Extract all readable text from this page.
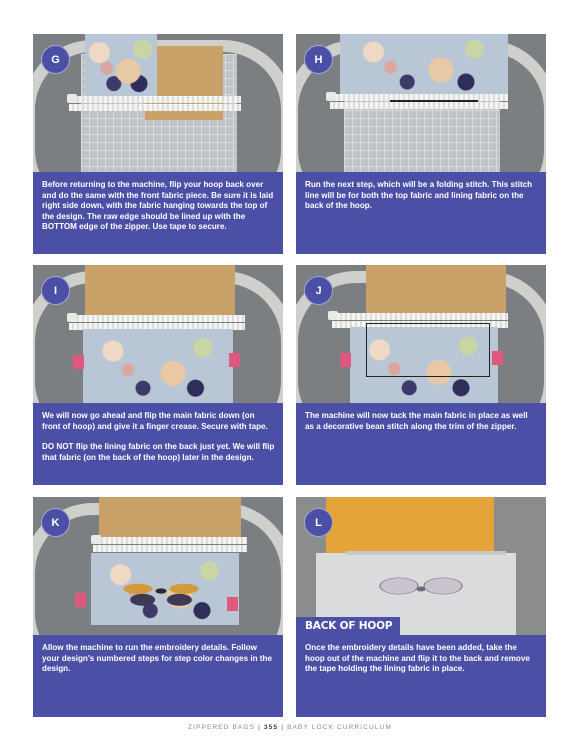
G

Before returning to the machine, flip your hoop back over and do the same with the front fabric piece. Be sure it is laid right side down, with the fabric hanging towards the top of the design. The raw edge should be lined up with the BOTTOM edge of the zipper. Use tape to secure.

H

Run the next step, which will be a folding stitch. This stitch line will be for both the top fabric and lining fabric on the back of the hoop.

I

We will now go ahead and flip the main fabric down (on front of hoop) and give it a finger crease. Secure with tape.

DO NOT flip the lining fabric on the back just yet. We will flip that fabric (on the back of the hoop) later in the design.

J

The machine will now tack the main fabric in place as well as a decorative bean stitch along the trim of the zipper.

K

Allow the machine to run the embroidery details. Follow your design's numbered steps for step color changes in the design.

BACK OF HOOP
L

Once the embroidery details have been added, take the hoop out of the machine and flip it to the back and remove the tape holding the lining fabric in place.

ZIPPERED BAGS | 355 | BABY LOCK CURRICULUM
